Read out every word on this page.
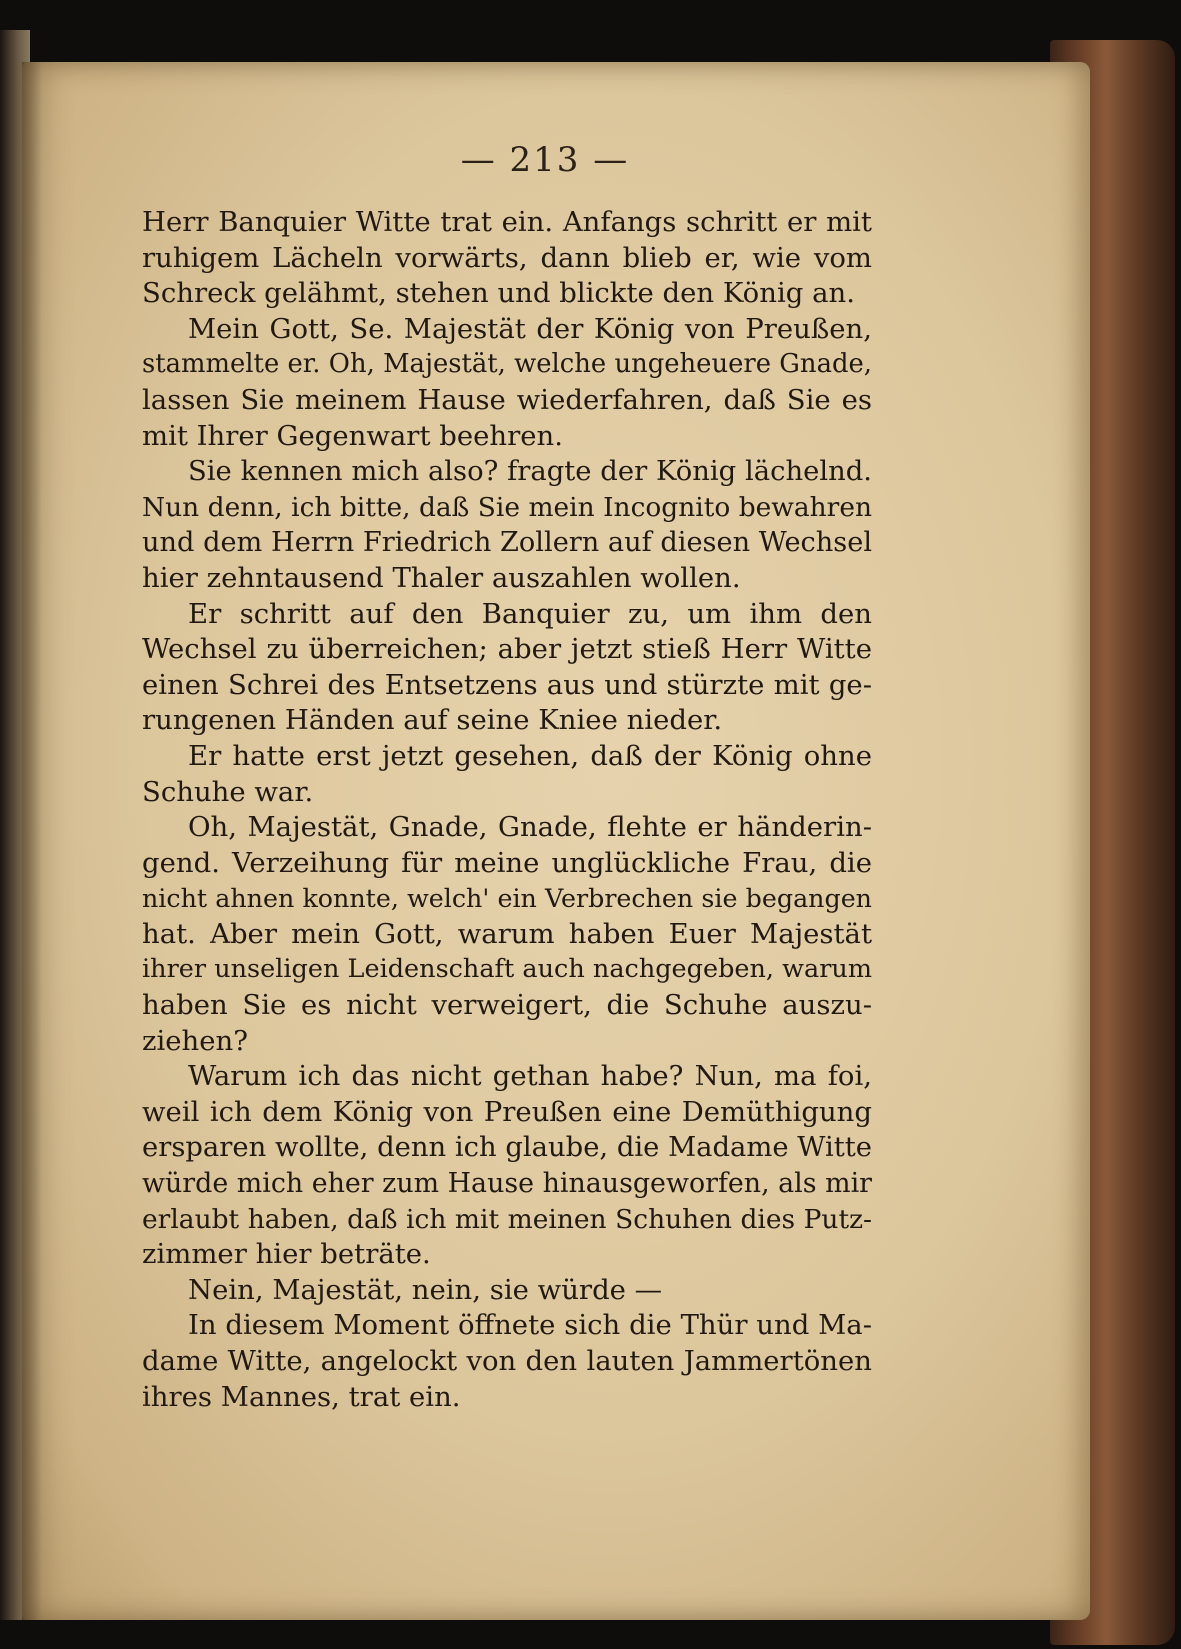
— 213 —
Herr Banquier Witte trat ein. Anfangs schritt er mit
ruhigem Lächeln vorwärts, dann blieb er, wie vom
Schreck gelähmt, stehen und blickte den König an.
Mein Gott, Se. Majestät der König von Preußen,
stammelte er. Oh, Majestät, welche ungeheuere Gnade,
lassen Sie meinem Hause wiederfahren, daß Sie es
mit Ihrer Gegenwart beehren.
Sie kennen mich also? fragte der König lächelnd.
Nun denn, ich bitte, daß Sie mein Incognito bewahren
und dem Herrn Friedrich Zollern auf diesen Wechsel
hier zehntausend Thaler auszahlen wollen.
Er schritt auf den Banquier zu, um ihm den
Wechsel zu überreichen; aber jetzt stieß Herr Witte
einen Schrei des Entsetzens aus und stürzte mit ge-
rungenen Händen auf seine Kniee nieder.
Er hatte erst jetzt gesehen, daß der König ohne
Schuhe war.
Oh, Majestät, Gnade, Gnade, flehte er händerin-
gend. Verzeihung für meine unglückliche Frau, die
nicht ahnen konnte, welch' ein Verbrechen sie begangen
hat. Aber mein Gott, warum haben Euer Majestät
ihrer unseligen Leidenschaft auch nachgegeben, warum
haben Sie es nicht verweigert, die Schuhe auszu-
ziehen?
Warum ich das nicht gethan habe? Nun, ma foi,
weil ich dem König von Preußen eine Demüthigung
ersparen wollte, denn ich glaube, die Madame Witte
würde mich eher zum Hause hinausgeworfen, als mir
erlaubt haben, daß ich mit meinen Schuhen dies Putz-
zimmer hier beträte.
Nein, Majestät, nein, sie würde —
In diesem Moment öffnete sich die Thür und Ma-
dame Witte, angelockt von den lauten Jammertönen
ihres Mannes, trat ein.
